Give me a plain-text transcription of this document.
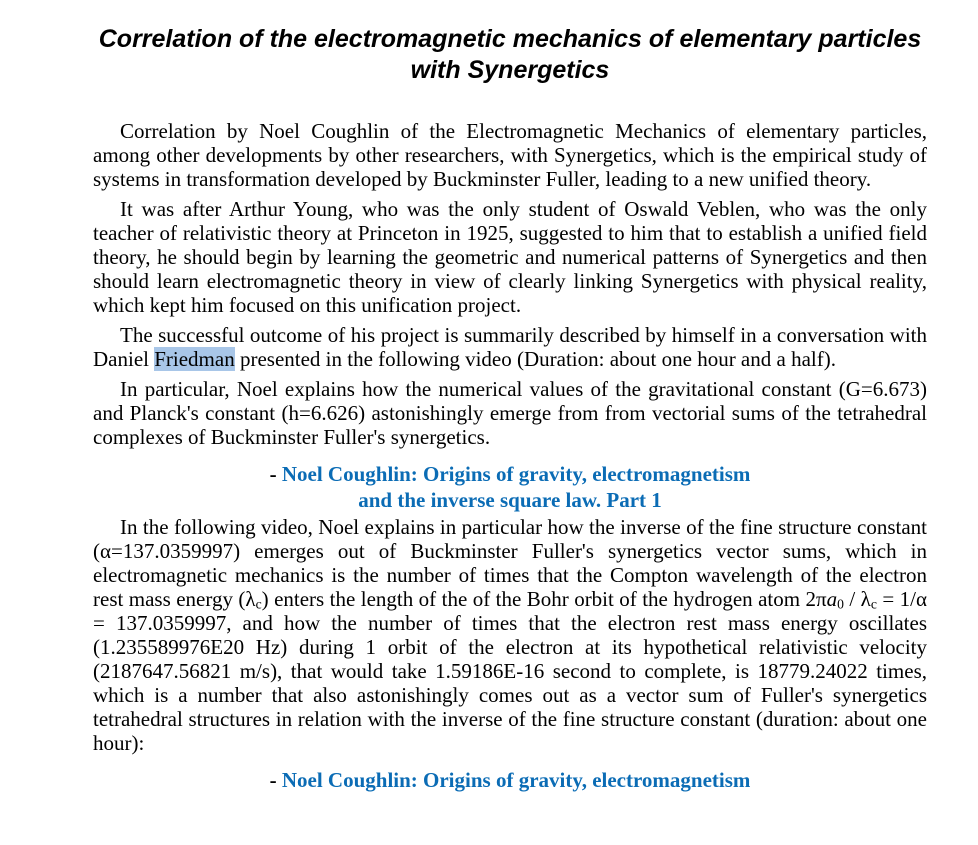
Correlation of the electromagnetic mechanics of elementary particles with Synergetics

Correlation by Noel Coughlin of the Electromagnetic Mechanics of elementary particles, among other developments by other researchers, with Synergetics, which is the empirical study of systems in transformation developed by Buckminster Fuller, leading to a new unified theory.

It was after Arthur Young, who was the only student of Oswald Veblen, who was the only teacher of relativistic theory at Princeton in 1925, suggested to him that to establish a unified field theory, he should begin by learning the geometric and numerical patterns of Synergetics and then should learn electromagnetic theory in view of clearly linking Synergetics with physical reality, which kept him focused on this unification project.

The successful outcome of his project is summarily described by himself in a conversation with Daniel Friedman presented in the following video (Duration: about one hour and a half).

In particular, Noel explains how the numerical values of the gravitational constant (G=6.673) and Planck's constant (h=6.626) astonishingly emerge from from vectorial sums of the tetrahedral complexes of Buckminster Fuller's synergetics.

- Noel Coughlin: Origins of gravity, electromagnetism
and the inverse square law. Part 1

In the following video, Noel explains in particular how the inverse of the fine structure constant (α=137.0359997) emerges out of Buckminster Fuller's synergetics vector sums, which in electromagnetic mechanics is the number of times that the Compton wavelength of the electron rest mass energy $(\lambda_c)$ enters the length of the of the Bohr orbit of the hydrogen atom $2\pi a_0 / \lambda_c = 1/\alpha = 137.0359997$, and how the number of times that the electron rest mass energy oscillates (1.235589976E20 Hz) during 1 orbit of the electron at its hypothetical relativistic velocity (2187647.56821 m/s), that would take 1.59186E-16 second to complete, is 18779.24022 times, which is a number that also astonishingly comes out as a vector sum of Fuller's synergetics tetrahedral structures in relation with the inverse of the fine structure constant (duration: about one hour):

- Noel Coughlin: Origins of gravity, electromagnetism
